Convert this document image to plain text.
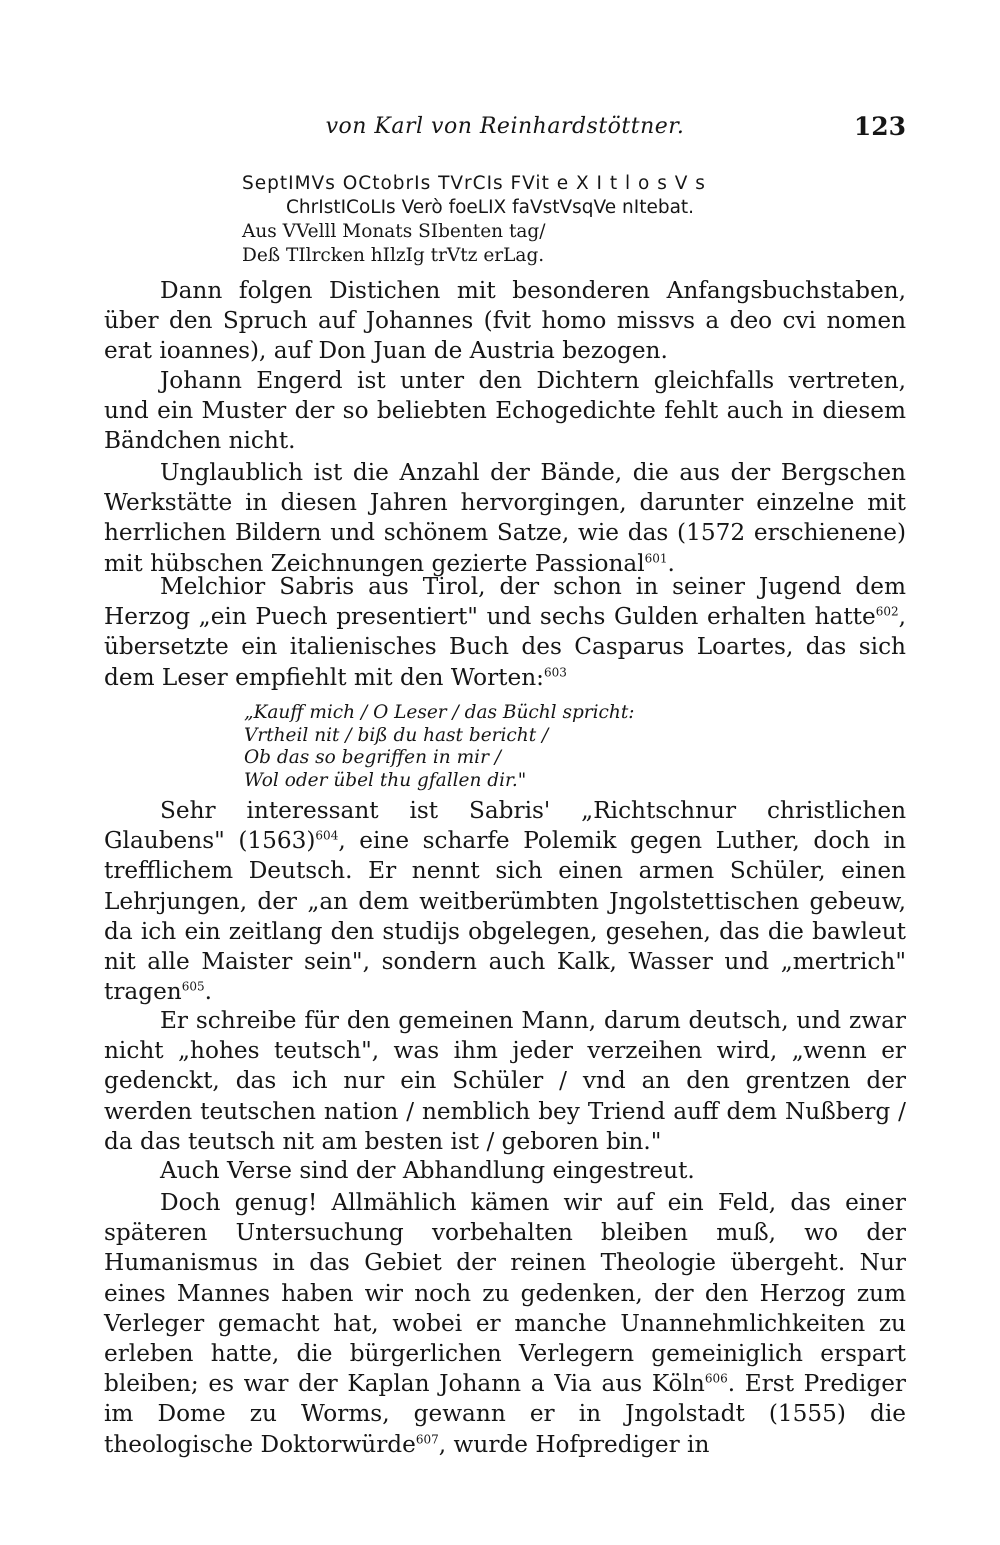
von Karl von Reinhardstöttner.	123
SeptIMVs OCtobrIs TVrCIs FVit e X I t l o s V s
ChrIstICoLIs Verò foeLIX faVstVsqVe nItebat.
Aus VVelll Monats SIbenten tag/
Deß TIlrcken hIlzIg trVtz erLag.

Dann folgen Distichen mit besonderen Anfangsbuchstaben, über den Spruch auf Johannes (fvit homo missvs a deo cvi nomen erat ioannes), auf Don Juan de Austria bezogen.

Johann Engerd ist unter den Dichtern gleichfalls vertreten, und ein Muster der so beliebten Echogedichte fehlt auch in diesem Bändchen nicht.

Unglaublich ist die Anzahl der Bände, die aus der Bergschen Werkstätte in diesen Jahren hervorgingen, darunter einzelne mit herrlichen Bildern und schönem Satze, wie das (1572 erschienene) mit hübschen Zeichnungen gezierte Passional$^{601}$.

Melchior Sabris aus Tirol, der schon in seiner Jugend dem Herzog „ein Puech presentiert" und sechs Gulden erhalten hatte$^{602}$, übersetzte ein italienisches Buch des Casparus Loartes, das sich dem Leser empfiehlt mit den Worten:$^{603}$

„Kauff mich / O Leser / das Büchl spricht:
Vrtheil nit / biß du hast bericht /
Ob das so begriffen in mir /
Wol oder übel thu gfallen dir."

Sehr interessant ist Sabris' „Richtschnur christlichen Glaubens" $(1563)^{604}$, eine scharfe Polemik gegen Luther, doch in trefflichem Deutsch. Er nennt sich einen armen Schüler, einen Lehrjungen, der „an dem weitberümbten Jngolstettischen gebeuw, da ich ein zeitlang den studijs obgelegen, gesehen, das die bawleut nit alle Maister sein", sondern auch Kalk, Wasser und „mertrich" tragen$^{605}$.

Er schreibe für den gemeinen Mann, darum deutsch, und zwar nicht „hohes teutsch", was ihm jeder verzeihen wird, „wenn er gedenckt, das ich nur ein Schüler / vnd an den grentzen der werden teutschen nation / nemblich bey Triend auff dem Nußberg / da das teutsch nit am besten ist / geboren bin."

Auch Verse sind der Abhandlung eingestreut.

Doch genug! Allmählich kämen wir auf ein Feld, das einer späteren Untersuchung vorbehalten bleiben muß, wo der Humanismus in das Gebiet der reinen Theologie übergeht. Nur eines Mannes haben wir noch zu gedenken, der den Herzog zum Verleger gemacht hat, wobei er manche Unannehmlichkeiten zu erleben hatte, die bürgerlichen Verlegern gemeiniglich erspart bleiben; es war der Kaplan Johann a Via aus Köln$^{606}$. Erst Prediger im Dome zu Worms, gewann er in Jngolstadt (1555) die theologische Doktorwürde$^{607}$, wurde Hofprediger in
